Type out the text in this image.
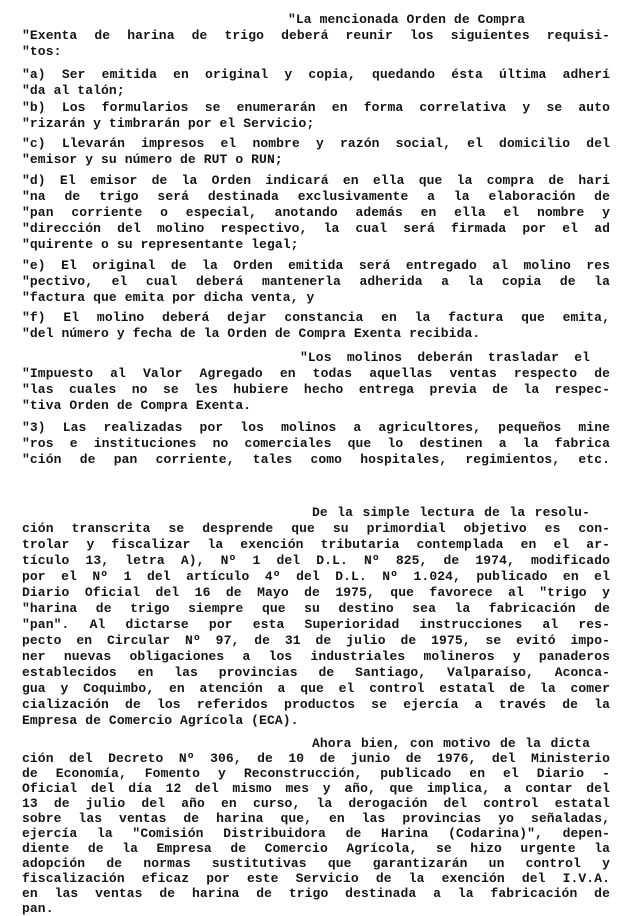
"La mencionada Orden de Compra
"Exenta de harina de trigo deberá reunir los siguientes requisi-
"tos:
"a) Ser emitida en original y copia, quedando ésta última adherí
"da al talón;
"b) Los formularios se enumerarán en forma correlativa y se auto
"rizarán y timbrarán por el Servicio;
"c) Llevarán impresos el nombre y razón social, el domicilio del
"emisor y su número de RUT o RUN;
"d) El emisor de la Orden indicará en ella que la compra de hari
"na de trigo será destinada exclusivamente a la elaboración de
"pan corriente o especial, anotando además en ella el nombre y
"dirección del molino respectivo, la cual será firmada por el ad
"quirente o su representante legal;
"e) El original de la Orden emitida será entregado al molino res
"pectivo, el cual deberá mantenerla adherida a la copia de la
"factura que emita por dicha venta, y
"f) El molino deberá dejar constancia en la factura que emita,
"del número y fecha de la Orden de Compra Exenta recibida.
"Los molinos deberán trasladar el
"Impuesto al Valor Agregado en todas aquellas ventas respecto de
"las cuales no se les hubiere hecho entrega previa de la respec-
"tiva Orden de Compra Exenta.
"3) Las realizadas por los molinos a agricultores, pequeños mine
"ros e instituciones no comerciales que lo destinen a la fabrica
"ción de pan corriente, tales como hospitales, regimientos, etc.
De la simple lectura de la resolu-
ción transcrita se desprende que su primordial objetivo es con-
trolar y fiscalizar la exención tributaria contemplada en el ar-
tículo 13, letra A), Nº 1 del D.L. Nº 825, de 1974, modificado
por el Nº 1 del artículo 4º del D.L. Nº 1.024, publicado en el
Diario Oficial del 16 de Mayo de 1975, que favorece al "trigo y
"harina de trigo siempre que su destino sea la fabricación de
"pan". Al dictarse por esta Superioridad instrucciones al res-
pecto en Circular Nº 97, de 31 de julio de 1975, se evitó impo-
ner nuevas obligaciones a los industriales molineros y panaderos
establecidos en las provincias de Santiago, Valparaíso, Aconca-
gua y Coquimbo, en atención a que el control estatal de la comer
cialización de los referidos productos se ejercía a través de la
Empresa de Comercio Agrícola (ECA).
Ahora bien, con motivo de la dicta
ción del Decreto Nº 306, de 10 de junio de 1976, del Ministerio
de Economía, Fomento y Reconstrucción, publicado en el Diario -
Oficial del día 12 del mismo mes y año, que implica, a contar del
13 de julio del año en curso, la derogación del control estatal
sobre las ventas de harina que, en las provincias yo señaladas,
ejercía la "Comisión Distribuidora de Harina (Codarina)", depen-
diente de la Empresa de Comercio Agrícola, se hizo urgente la
adopción de normas sustitutivas que garantizarán un control y
fiscalización eficaz por este Servicio de la exención del I.V.A.
en las ventas de harina de trigo destinada a la fabricación de
pan.
